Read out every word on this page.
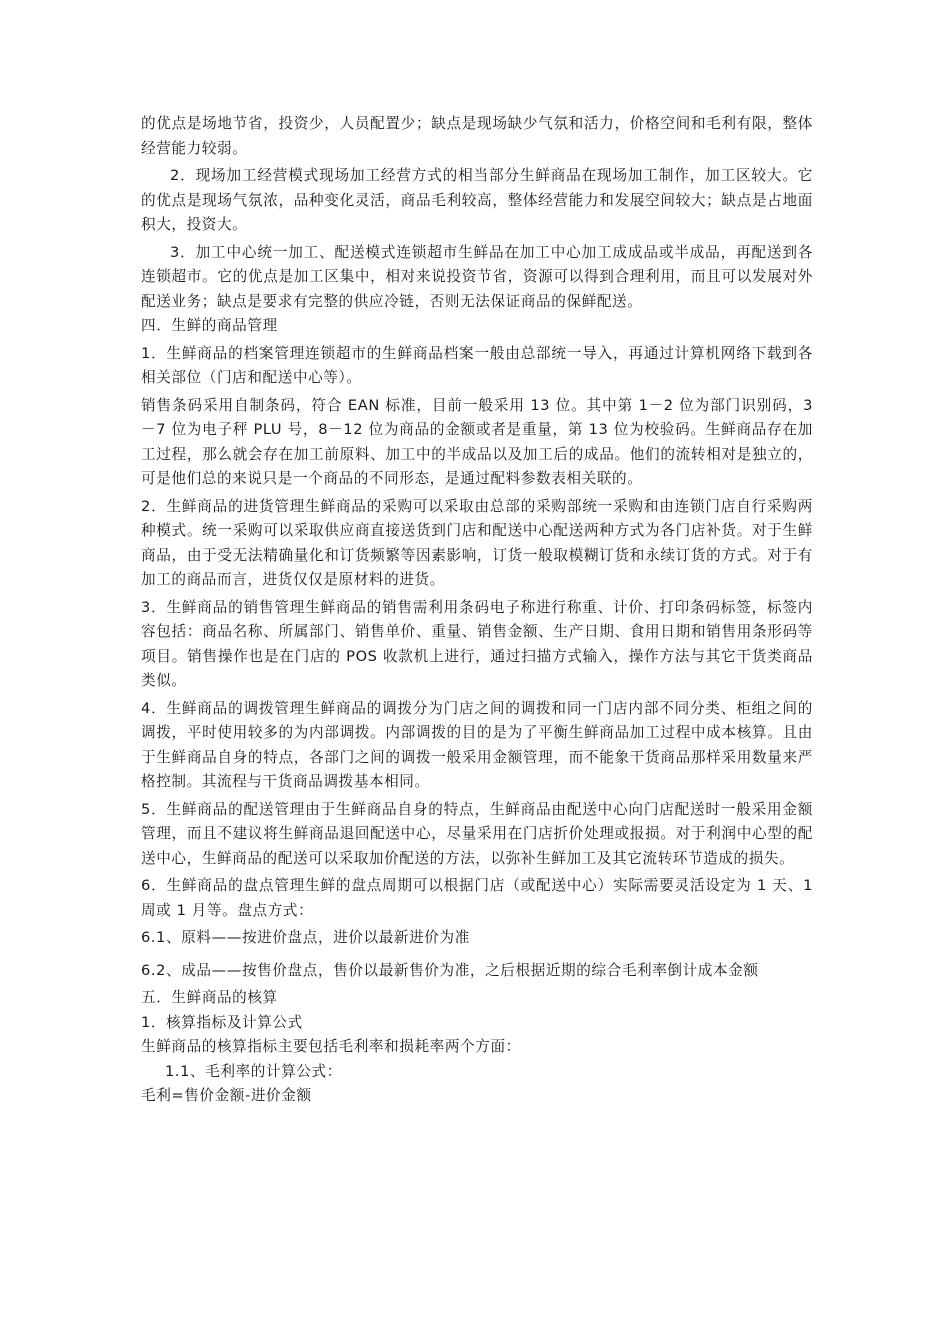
的优点是场地节省，投资少，人员配置少；缺点是现场缺少气氛和活力，价格空间和毛利有限，整体经营能力较弱。

2．现场加工经营模式现场加工经营方式的相当部分生鲜商品在现场加工制作，加工区较大。它的优点是现场气氛浓，品种变化灵活，商品毛利较高，整体经营能力和发展空间较大；缺点是占地面积大，投资大。

3．加工中心统一加工、配送模式连锁超市生鲜品在加工中心加工成成品或半成品，再配送到各连锁超市。它的优点是加工区集中，相对来说投资节省，资源可以得到合理利用，而且可以发展对外配送业务；缺点是要求有完整的供应冷链，否则无法保证商品的保鲜配送。

四．生鲜的商品管理

1．生鲜商品的档案管理连锁超市的生鲜商品档案一般由总部统一导入，再通过计算机网络下载到各相关部位（门店和配送中心等）。

销售条码采用自制条码，符合 EAN 标准，目前一般采用 13 位。其中第 1－2 位为部门识别码，3－7 位为电子秤 PLU 号，8－12 位为商品的金额或者是重量，第 13 位为校验码。生鲜商品存在加工过程，那么就会存在加工前原料、加工中的半成品以及加工后的成品。他们的流转相对是独立的，可是他们总的来说只是一个商品的不同形态，是通过配料参数表相关联的。

2．生鲜商品的进货管理生鲜商品的采购可以采取由总部的采购部统一采购和由连锁门店自行采购两种模式。统一采购可以采取供应商直接送货到门店和配送中心配送两种方式为各门店补货。对于生鲜商品，由于受无法精确量化和订货频繁等因素影响，订货一般取模糊订货和永续订货的方式。对于有加工的商品而言，进货仅仅是原材料的进货。

3．生鲜商品的销售管理生鲜商品的销售需利用条码电子称进行称重、计价、打印条码标签，标签内容包括：商品名称、所属部门、销售单价、重量、销售金额、生产日期、食用日期和销售用条形码等项目。销售操作也是在门店的 POS 收款机上进行，通过扫描方式输入，操作方法与其它干货类商品类似。

4．生鲜商品的调拨管理生鲜商品的调拨分为门店之间的调拨和同一门店内部不同分类、柜组之间的调拨，平时使用较多的为内部调拨。内部调拨的目的是为了平衡生鲜商品加工过程中成本核算。且由于生鲜商品自身的特点，各部门之间的调拨一般采用金额管理，而不能象干货商品那样采用数量来严格控制。其流程与干货商品调拨基本相同。

5．生鲜商品的配送管理由于生鲜商品自身的特点，生鲜商品由配送中心向门店配送时一般采用金额管理，而且不建议将生鲜商品退回配送中心，尽量采用在门店折价处理或报损。对于利润中心型的配送中心，生鲜商品的配送可以采取加价配送的方法，以弥补生鲜加工及其它流转环节造成的损失。

6．生鲜商品的盘点管理生鲜的盘点周期可以根据门店（或配送中心）实际需要灵活设定为 1 天、1 周或 1 月等。盘点方式：

6.1、原料——按进价盘点，进价以最新进价为准

6.2、成品——按售价盘点，售价以最新售价为准，之后根据近期的综合毛利率倒计成本金额

五．生鲜商品的核算

1．核算指标及计算公式

生鲜商品的核算指标主要包括毛利率和损耗率两个方面：

1.1、毛利率的计算公式：

毛利=售价金额-进价金额
